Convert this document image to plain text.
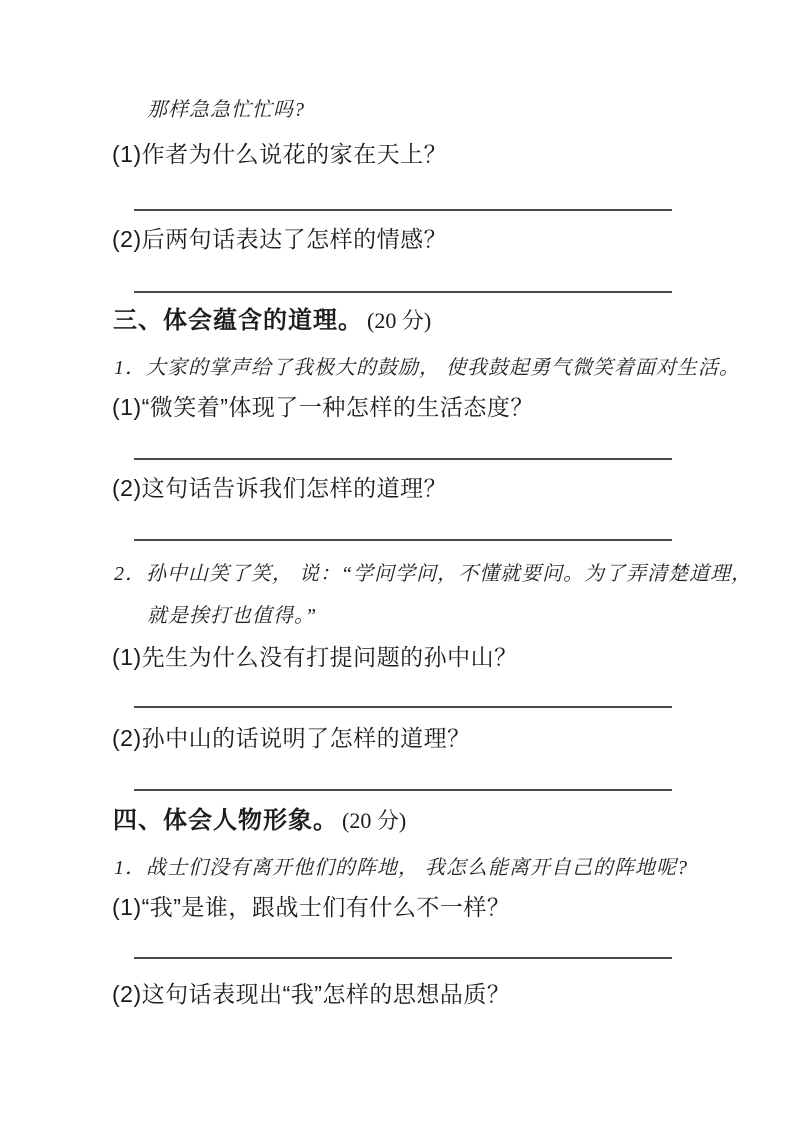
那样急急忙忙吗?
(1)作者为什么说花的家在天上？
(2)后两句话表达了怎样的情感？
三、体会蕴含的道理。 (20 分)
1．大家的掌声给了我极大的鼓励， 使我鼓起勇气微笑着面对生活。
(1)“微笑着”体现了一种怎样的生活态度？
(2)这句话告诉我们怎样的道理？
2．孙中山笑了笑， 说：“学问学问，不懂就要问。为了弄清楚道理，
就是挨打也值得。”
(1)先生为什么没有打提问题的孙中山？
(2)孙中山的话说明了怎样的道理？
四、体会人物形象。 (20 分)
1．战士们没有离开他们的阵地， 我怎么能离开自己的阵地呢?
(1)“我”是谁，跟战士们有什么不一样？
(2)这句话表现出“我”怎样的思想品质？
